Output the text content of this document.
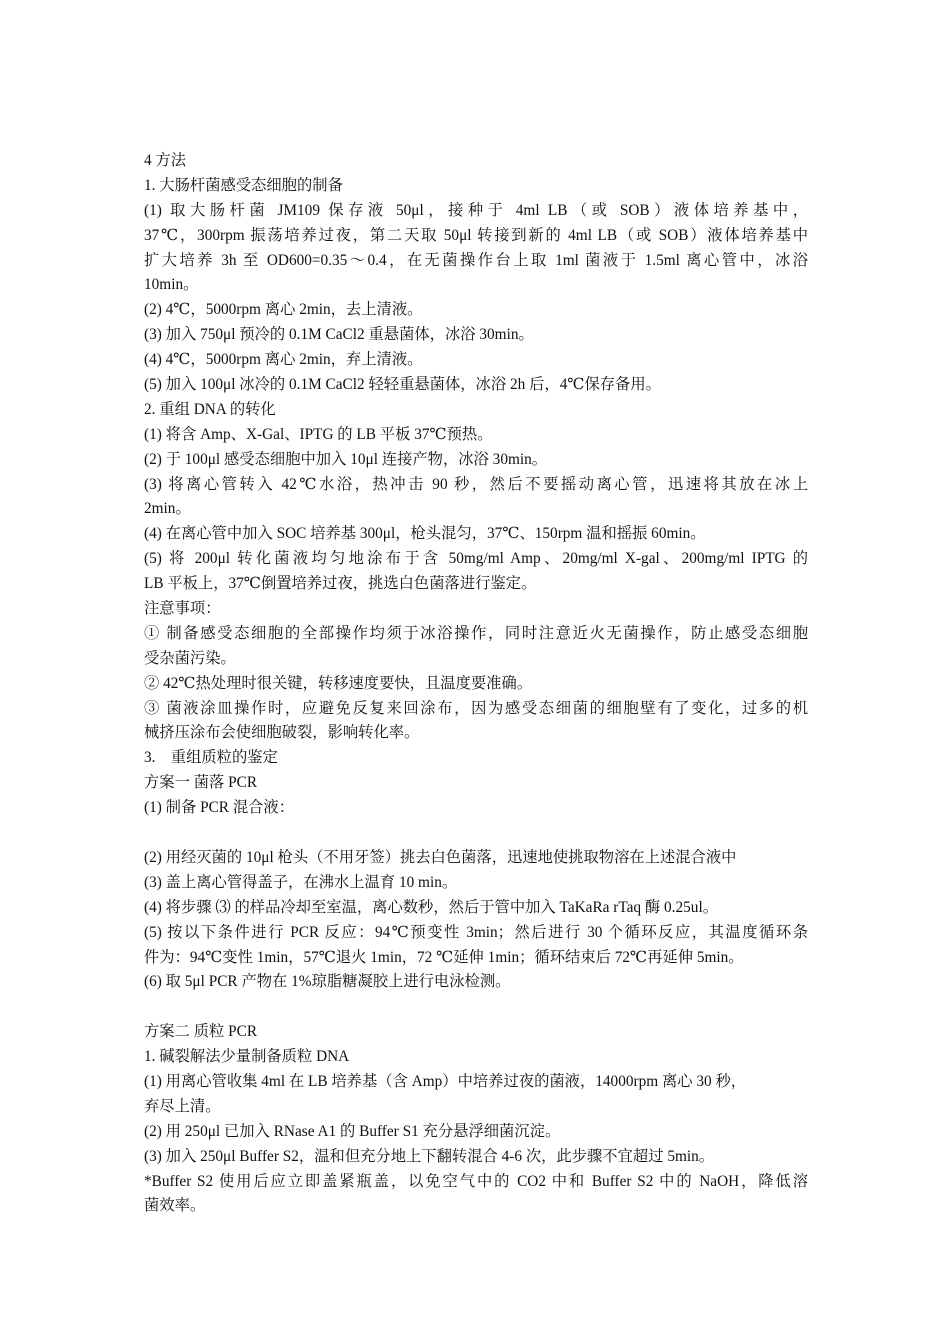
4 方法
1. 大肠杆菌感受态细胞的制备
(1) 取大肠杆菌 JM109 保存液 50μl，接种于 4ml LB（或 SOB）液体培养基中，
37℃，300rpm 振荡培养过夜，第二天取 50μl 转接到新的 4ml LB（或 SOB）液体培养基中
扩大培养 3h 至 OD600=0.35～0.4，在无菌操作台上取 1ml 菌液于 1.5ml 离心管中，冰浴
10min。
(2) 4℃，5000rpm 离心 2min，去上清液。
(3) 加入 750μl 预冷的 0.1M CaCl2 重悬菌体，冰浴 30min。
(4) 4℃，5000rpm 离心 2min，弃上清液。
(5) 加入 100μl 冰冷的 0.1M CaCl2 轻轻重悬菌体，冰浴 2h 后，4℃保存备用。
2. 重组 DNA 的转化
(1) 将含 Amp、X-Gal、IPTG 的 LB 平板 37℃预热。
(2) 于 100μl 感受态细胞中加入 10μl 连接产物，冰浴 30min。
(3) 将离心管转入 42℃水浴，热冲击 90 秒，然后不要摇动离心管，迅速将其放在冰上
2min。
(4) 在离心管中加入 SOC 培养基 300μl，枪头混匀，37℃、150rpm 温和摇振 60min。
(5) 将 200μl 转化菌液均匀地涂布于含 50mg/ml Amp、20mg/ml X-gal、200mg/ml IPTG 的
LB 平板上，37℃倒置培养过夜，挑选白色菌落进行鉴定。
注意事项：
① 制备感受态细胞的全部操作均须于冰浴操作，同时注意近火无菌操作，防止感受态细胞
受杂菌污染。
② 42℃热处理时很关键，转移速度要快，且温度要准确。
③ 菌液涂皿操作时，应避免反复来回涂布，因为感受态细菌的细胞壁有了变化，过多的机
械挤压涂布会使细胞破裂，影响转化率。
3.　重组质粒的鉴定
方案一 菌落 PCR
(1) 制备 PCR 混合液：
(2) 用经灭菌的 10μl 枪头（不用牙签）挑去白色菌落，迅速地使挑取物溶在上述混合液中
(3) 盖上离心管得盖子，在沸水上温育 10 min。
(4) 将步骤 ⑶ 的样品冷却至室温，离心数秒，然后于管中加入 TaKaRa rTaq 酶 0.25ul。
(5) 按以下条件进行 PCR 反应：94℃预变性 3min；然后进行 30 个循环反应，其温度循环条
件为：94℃变性 1min，57℃退火 1min，72 ℃延伸 1min；循环结束后 72℃再延伸 5min。
(6) 取 5μl PCR 产物在 1%琼脂糖凝胶上进行电泳检测。
方案二 质粒 PCR
1. 碱裂解法少量制备质粒 DNA
(1) 用离心管收集 4ml 在 LB 培养基（含 Amp）中培养过夜的菌液，14000rpm 离心 30 秒，
弃尽上清。
(2) 用 250μl 已加入 RNase A1 的 Buffer S1 充分悬浮细菌沉淀。
(3) 加入 250μl Buffer S2，温和但充分地上下翻转混合 4-6 次，此步骤不宜超过 5min。
*Buffer S2 使用后应立即盖紧瓶盖，以免空气中的 CO2 中和 Buffer S2 中的 NaOH，降低溶
菌效率。
